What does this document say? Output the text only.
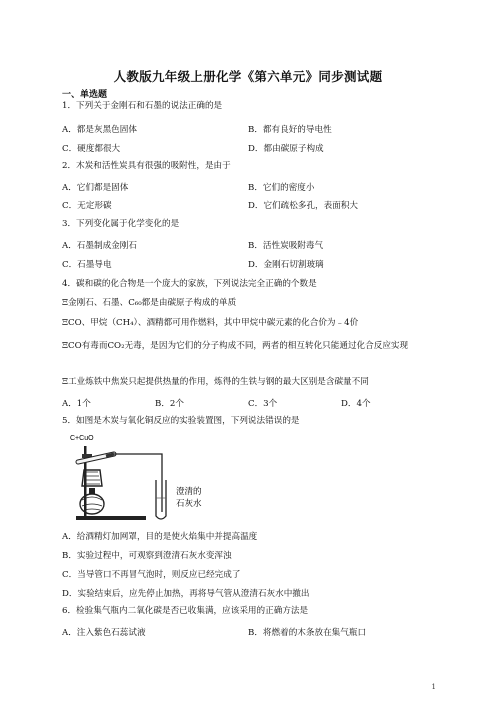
人教版九年级上册化学《第六单元》同步测试题
一、单选题
1．下列关于金刚石和石墨的说法正确的是
A．都是灰黑色固体	B．都有良好的导电性
C．硬度都很大	D．都由碳原子构成
2．木炭和活性炭具有很强的吸附性，是由于
A．它们都是固体	B．它们的密度小
C．无定形碳	D．它们疏松多孔，表面积大
3．下列变化属于化学变化的是
A．石墨制成金刚石	B．活性炭吸附毒气
C．石墨导电	D．金刚石切割玻璃
4．碳和碳的化合物是一个庞大的家族，下列说法完全正确的个数是
Ξ金刚石、石墨、C₆₀都是由碳原子构成的单质
ΞCO、甲烷（CH₄）、酒精都可用作燃料，其中甲烷中碳元素的化合价为﹣4价
ΞCO有毒而CO₂无毒，是因为它们的分子构成不同，两者的相互转化只能通过化合反应实现
Ξ工业炼铁中焦炭只起提供热量的作用，炼得的生铁与钢的最大区别是含碳量不同
A．1个	B．2个	C．3个	D．4个
5．如图是木炭与氧化铜反应的实验装置图，下列说法错误的是
C+CuO
澄清的
石灰水
A．给酒精灯加网罩，目的是使火焰集中并提高温度
B．实验过程中，可观察到澄清石灰水变浑浊
C．当导管口不再冒气泡时，则反应已经完成了
D．实验结束后，应先停止加热，再将导气管从澄清石灰水中撤出
6．检验集气瓶内二氧化碳是否已收集满，应该采用的正确方法是
A．注入紫色石蕊试液	B．将燃着的木条放在集气瓶口
1
